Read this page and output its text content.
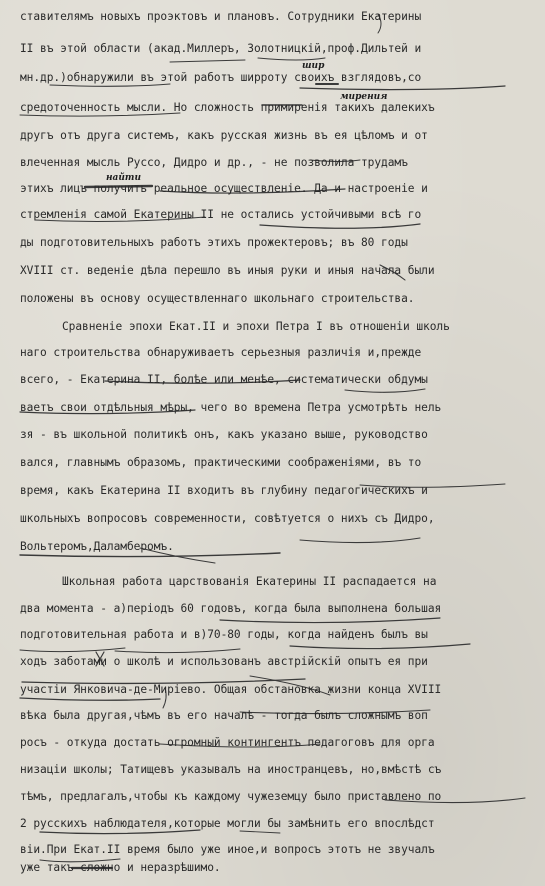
ставителямъ новыхъ проэктовъ и плановъ. Сотрудники Екатерины
II въ этой области (акад.Миллеръ, Золотницкій,проф.Дильтей и
мн.др.)обнаружили въ этой работъ ширроту своихъ взглядовъ,со
средоточенность мысли. Но сложность примиренія такихъ далекихъ
другъ отъ друга системъ, какъ русская жизнь въ ея цѣломъ и от
влеченная мысль Руссо, Дидро и др., - не позволила трудамъ
этихъ лицъ получить реальное осуществленіе. Да и настроеніе и
стремленія самой Екатерины II не остались устойчивыми всѣ го
ды подготовительныхъ работъ этихъ прожектеровъ; въ 80 годы
XVIII ст. веденіе дѣла перешло въ иныя руки и иныя начала были
положены въ основу осуществленнаго школьнаго строительства.
Сравненіе эпохи Екат.II и эпохи Петра I въ отношеніи школь
наго строительства обнаруживаетъ серьезныя различія и,прежде
всего, - Екатерина II, болѣе или менѣе, систематически обдумы
ваетъ свои отдѣльныя мѣры, чего во времена Петра усмотрѣть нель
зя - въ школьной политикѣ онъ, какъ указано выше, руководство
вался, главнымъ образомъ, практическими соображеніями, въ то
время, какъ Екатерина II входитъ въ глубину педагогическихъ и
школьныхъ вопросовъ современности, совѣтуется о нихъ съ Дидро,
Вольтеромъ,Даламберомъ.
Школьная работа царствованія Екатерины II распадается на
два момента - а)періодъ 60 годовъ, когда была выполнена большая
подготовительная работа и в)70-80 годы, когда найденъ былъ вы
ходъ заботами о школѣ и использованъ австрійскій опытъ ея при
участіи Янковича-де-Миріево. Общая обстановка жизни конца XVIII
вѣка была другая,чѣмъ въ его началѣ - тогда былъ сложнымъ воп
росъ - откуда достать огромный контингентъ педагоговъ для орга
низаціи школы; Татищевъ указывалъ на иностранцевъ, но,вмѣстѣ съ
тѣмъ, предлагалъ,чтобы къ каждому чужеземцу было приставлено по
2 русскихъ наблюдателя,которые могли бы замѣнить его впослѣдст
віи.При Екат.II время было уже иное,и вопросъ этотъ не звучалъ
уже такъ сложно и неразрѣшимо.
шир
мирения
найти
